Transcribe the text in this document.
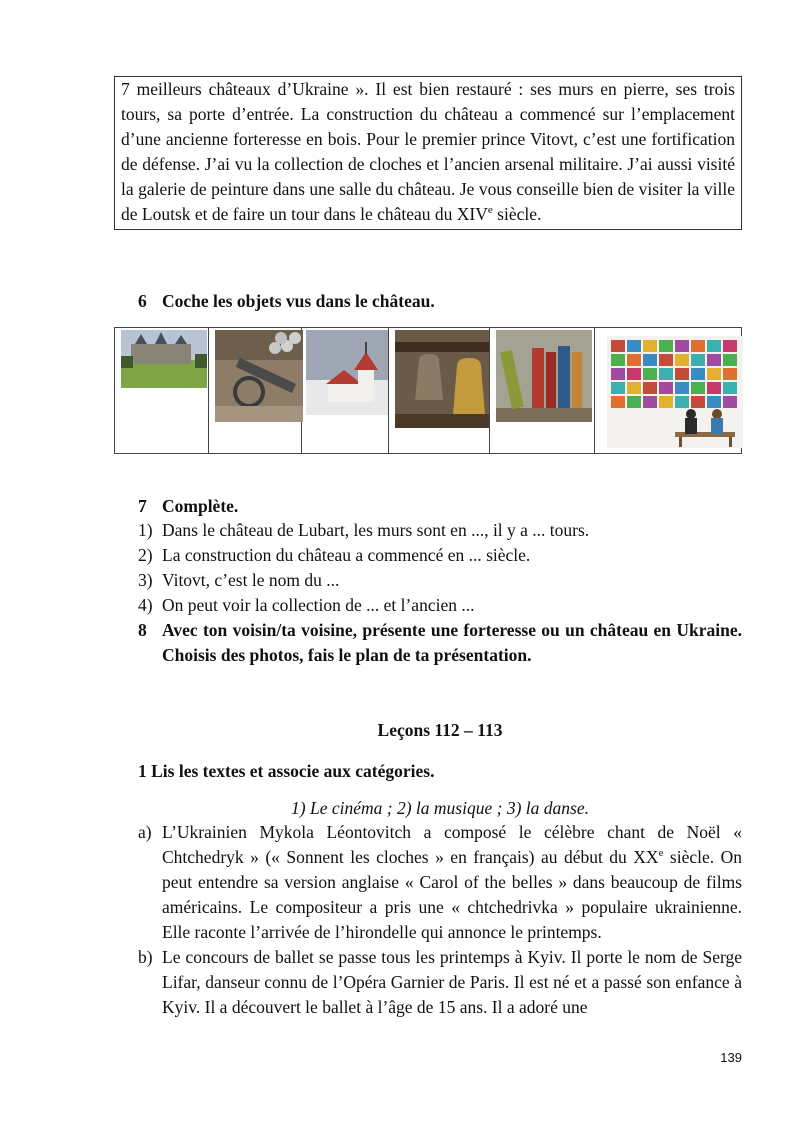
7 meilleurs châteaux d’Ukraine ». Il est bien restauré : ses murs en pierre, ses trois tours, sa porte d’entrée. La construction du château a commencé sur l’emplacement d’une ancienne forteresse en bois. Pour le premier prince Vitovt, c’est une fortification de défense. J’ai vu la collection de cloches et l’ancien arsenal militaire. J’ai aussi visité la galerie de peinture dans une salle du château. Je vous conseille bien de visiter la ville de Loutsk et de faire un tour dans le château du XIVe siècle.

6 Coche les objets vus dans le château.

7 Complète.
1) Dans le château de Lubart, les murs sont en ..., il y a ... tours.
2) La construction du château a commencé en ... siècle.
3) Vitovt, c’est le nom du ...
4) On peut voir la collection de ... et l’ancien ...
8 Avec ton voisin/ta voisine, présente une forteresse ou un château en Ukraine. Choisis des photos, fais le plan de ta présentation.
Leçons 112 – 113
1 Lis les textes et associe aux catégories.
1) Le cinéma ; 2) la musique ; 3) la danse.
a) L’Ukrainien Mykola Léontovitch a composé le célèbre chant de Noël « Chtchedryk » (« Sonnent les cloches » en français) au début du XXe siècle. On peut entendre sa version anglaise « Carol of the belles » dans beaucoup de films américains. Le compositeur a pris une « chtchedrivka » populaire ukrainienne. Elle raconte l’arrivée de l’hirondelle qui annonce le printemps.
b) Le concours de ballet se passe tous les printemps à Kyiv. Il porte le nom de Serge Lifar, danseur connu de l’Opéra Garnier de Paris. Il est né et a passé son enfance à Kyiv. Il a découvert le ballet à l’âge de 15 ans. Il a adoré une
139
